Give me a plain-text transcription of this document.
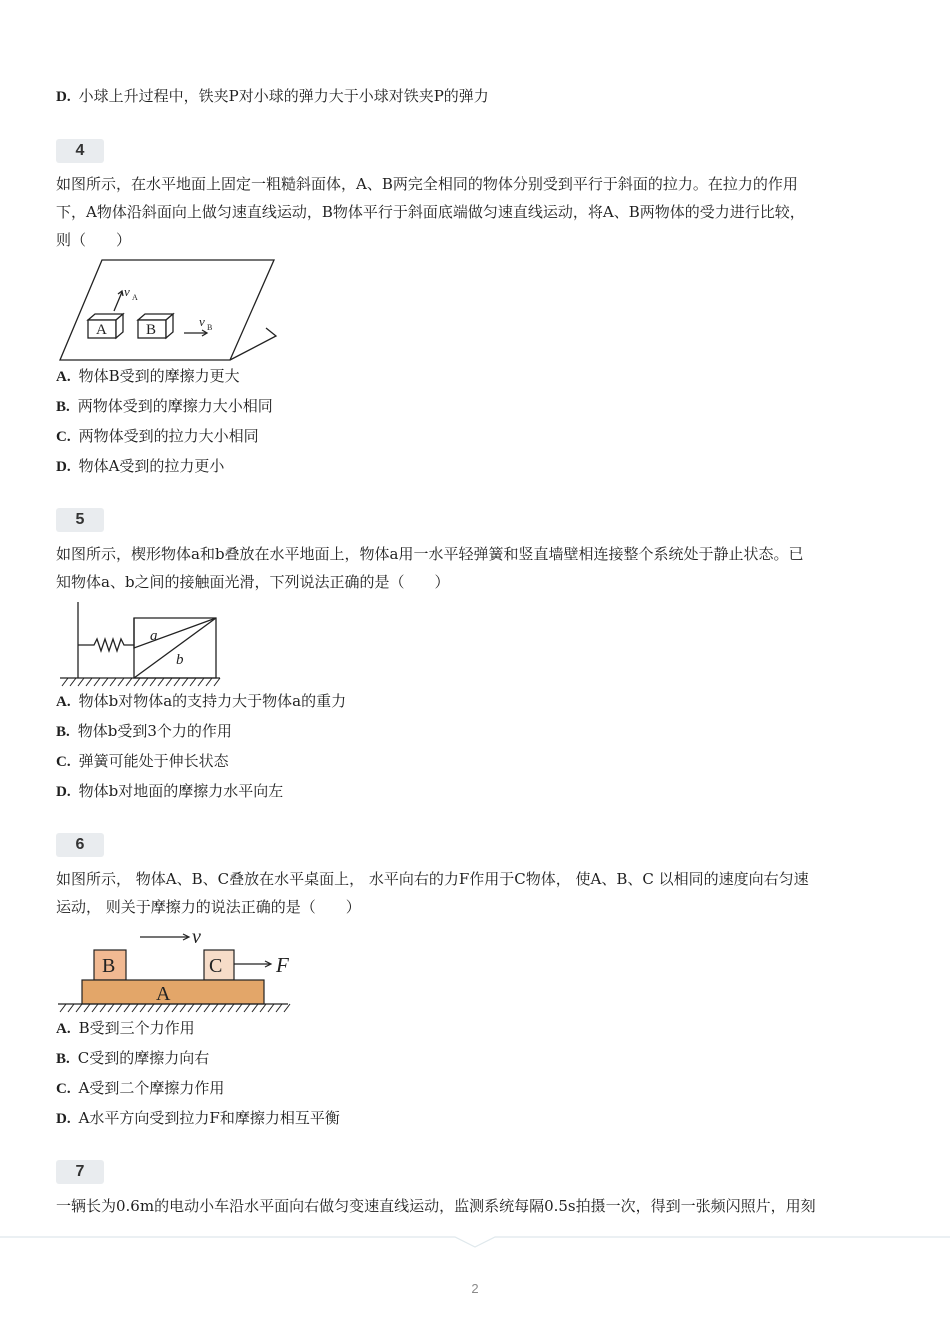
D. 小球上升过程中，铁夹P对小球的弹力大于小球对铁夹P的弹力
4
如图所示，在水平地面上固定一粗糙斜面体，A、B两完全相同的物体分别受到平行于斜面的拉力。在拉力的作用
下，A物体沿斜面向上做匀速直线运动，B物体平行于斜面底端做匀速直线运动，将A、B两物体的受力进行比较，
则（　　）
A	B
v A
v B
A. 物体B受到的摩擦力更大
B. 两物体受到的摩擦力大小相同
C. 两物体受到的拉力大小相同
D. 物体A受到的拉力更小
5
如图所示，楔形物体a和b叠放在水平地面上，物体a用一水平轻弹簧和竖直墙壁相连接整个系统处于静止状态。已
知物体a、b之间的接触面光滑，下列说法正确的是（　　）
a
b
A. 物体b对物体a的支持力大于物体a的重力
B. 物体b受到3个力的作用
C. 弹簧可能处于伸长状态
D. 物体b对地面的摩擦力水平向左
6
如图所示， 物体A、B、C叠放在水平桌面上， 水平向右的力F作用于C物体， 使A、B、C 以相同的速度向右匀速
运动， 则关于摩擦力的说法正确的是（　　）
B	C
A
F
v
A. B受到三个力作用
B. C受到的摩擦力向右
C. A受到二个摩擦力作用
D. A水平方向受到拉力F和摩擦力相互平衡
7
一辆长为0.6m的电动小车沿水平面向右做匀变速直线运动，监测系统每隔0.5s拍摄一次，得到一张频闪照片，用刻
2
